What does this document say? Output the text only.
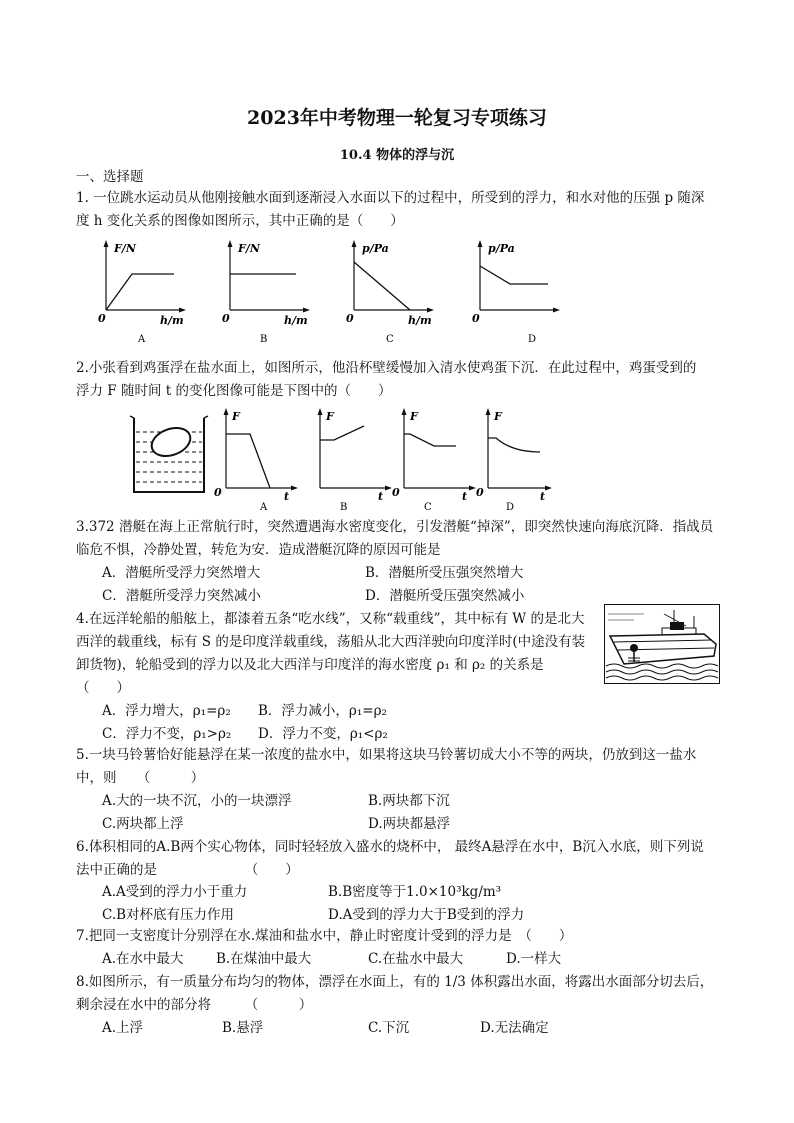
2023年中考物理一轮复习专项练习
10.4 物体的浮与沉
一、选择题
1. 一位跳水运动员从他刚接触水面到逐渐浸入水面以下的过程中，所受到的浮力，和水对他的压强 p 随深
度 h 变化关系的图像如图所示，其中正确的是（　　）
F/N
h/m
0
A
F/N
h/m
0
B
p/Pa
h/m
0
C
p/Pa
0
D
2.小张看到鸡蛋浮在盐水面上，如图所示，他沿杯壁缓慢加入清水使鸡蛋下沉．在此过程中，鸡蛋受到的
浮力 F 随时间 t 的变化图像可能是下图中的（　　）
F
t
0
A
F
t
B
F
t
0
C
F
t
0
D
3.372 潜艇在海上正常航行时，突然遭遇海水密度变化，引发潜艇“掉深”，即突然快速向海底沉降．指战员
临危不惧，冷静处置，转危为安．造成潜艇沉降的原因可能是
A．潜艇所受浮力突然增大	B．潜艇所受压强突然增大
C．潜艇所受浮力突然减小	D．潜艇所受压强突然减小
4.在远洋轮船的船舷上，都漆着五条“吃水线”，又称“载重线”，其中标有 W 的是北大
西洋的载重线，标有 S 的是印度洋载重线，荡船从北大西洋驶向印度洋时(中途没有装
卸货物)，轮船受到的浮力以及北大西洋与印度洋的海水密度 ρ₁ 和 ρ₂ 的关系是
（　　）
A．浮力增大，ρ₁=ρ₂ B．浮力减小，ρ₁=ρ₂
C．浮力不变，ρ₁>ρ₂ D．浮力不变，ρ₁<ρ₂
5.一块马铃薯恰好能悬浮在某一浓度的盐水中，如果将这块马铃薯切成大小不等的两块，仍放到这一盐水
中，则　　（　　　）
A.大的一块不沉，小的一块漂浮	B.两块都下沉
C.两块都上浮	D.两块都悬浮
6.体积相同的A.B两个实心物体，同时轻轻放入盛水的烧杯中， 最终A悬浮在水中，B沉入水底，则下列说
法中正确的是　　　　　　　（　　）
A.A受到的浮力小于重力	B.B密度等于1.0×10³kg/m³
C.B对杯底有压力作用	D.A受到的浮力大于B受到的浮力
7.把同一支密度计分别浮在水.煤油和盐水中，静止时密度计受到的浮力是　（　　）
A.在水中最大 B.在煤油中最大	C.在盐水中最大	D.一样大
8.如图所示，有一质量分布均匀的物体，漂浮在水面上，有的 1/3 体积露出水面，将露出水面部分切去后，
剩余浸在水中的部分将　　　（　　　）
A.上浮	B.悬浮	C.下沉	D.无法确定
